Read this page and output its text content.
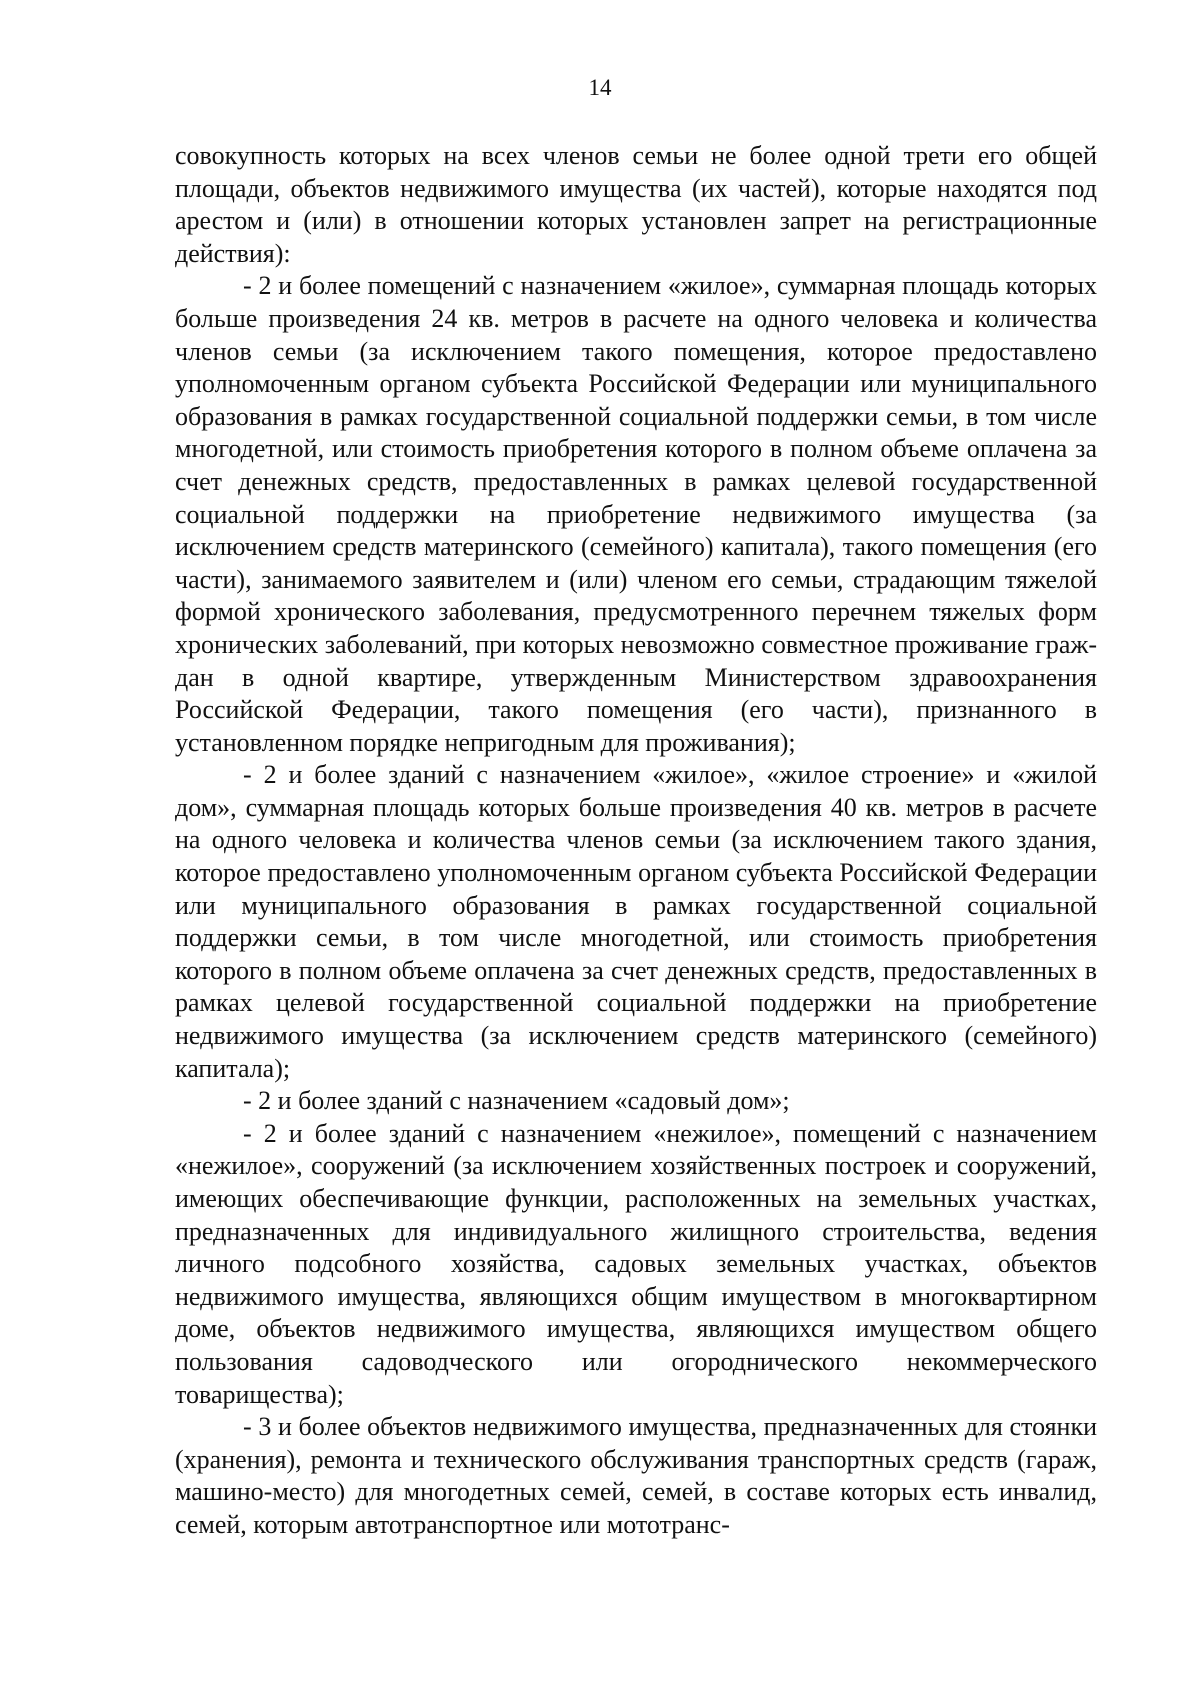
14

совокупность которых на всех членов семьи не более одной трети его общей площади, объектов недвижимого имущества (их частей), которые находятся под арестом и (или) в отношении которых установлен запрет на регистрационные действия):

- 2 и более помещений с назначением «жилое», суммарная площадь которых больше произведения 24 кв. метров в расчете на одного человека и количества членов семьи (за исключением такого помещения, которое предоставлено уполномоченным органом субъекта Российской Федерации или муниципального образования в рамках государственной социальной поддержки семьи, в том числе многодетной, или стоимость приобретения которого в полном объеме оплачена за счет денежных средств, предоставленных в рамках целевой государственной социальной поддержки на приобретение недвижимого имущества (за исключением средств материнского (семейного) капитала), такого помещения (его части), занимаемого заявителем и (или) членом его семьи, страдающим тяжелой формой хронического заболевания, предусмотренного перечнем тяжелых форм хронических заболеваний, при которых невозможно совместное проживание граждан в одной квартире, утвержденным Министерством здравоохранения Российской Федерации, такого помещения (его части), признанного в установленном порядке непригодным для проживания);

- 2 и более зданий с назначением «жилое», «жилое строение» и «жилой дом», суммарная площадь которых больше произведения 40 кв. метров в расчете на одного человека и количества членов семьи (за исключением такого здания, которое предоставлено уполномоченным органом субъекта Российской Федерации или муниципального образования в рамках государственной социальной поддержки семьи, в том числе многодетной, или стоимость приобретения которого в полном объеме оплачена за счет денежных средств, предоставленных в рамках целевой государственной социальной поддержки на приобретение недвижимого имущества (за исключением средств материнского (семейного) капитала);

- 2 и более зданий с назначением «садовый дом»;

- 2 и более зданий с назначением «нежилое», помещений с назначением «нежилое», сооружений (за исключением хозяйственных построек и сооружений, имеющих обеспечивающие функции, расположенных на земельных участках, предназначенных для индивидуального жилищного строительства, ведения личного подсобного хозяйства, садовых земельных участках, объектов недвижимого имущества, являющихся общим имуществом в многоквартирном доме, объектов недвижимого имущества, являющихся имуществом общего пользования садоводческого или огороднического некоммерческого товарищества);

- 3 и более объектов недвижимого имущества, предназначенных для стоянки (хранения), ремонта и технического обслуживания транспортных средств (гараж, машино-место) для многодетных семей, семей, в составе которых есть инвалид, семей, которым автотранспортное или мототранс-
